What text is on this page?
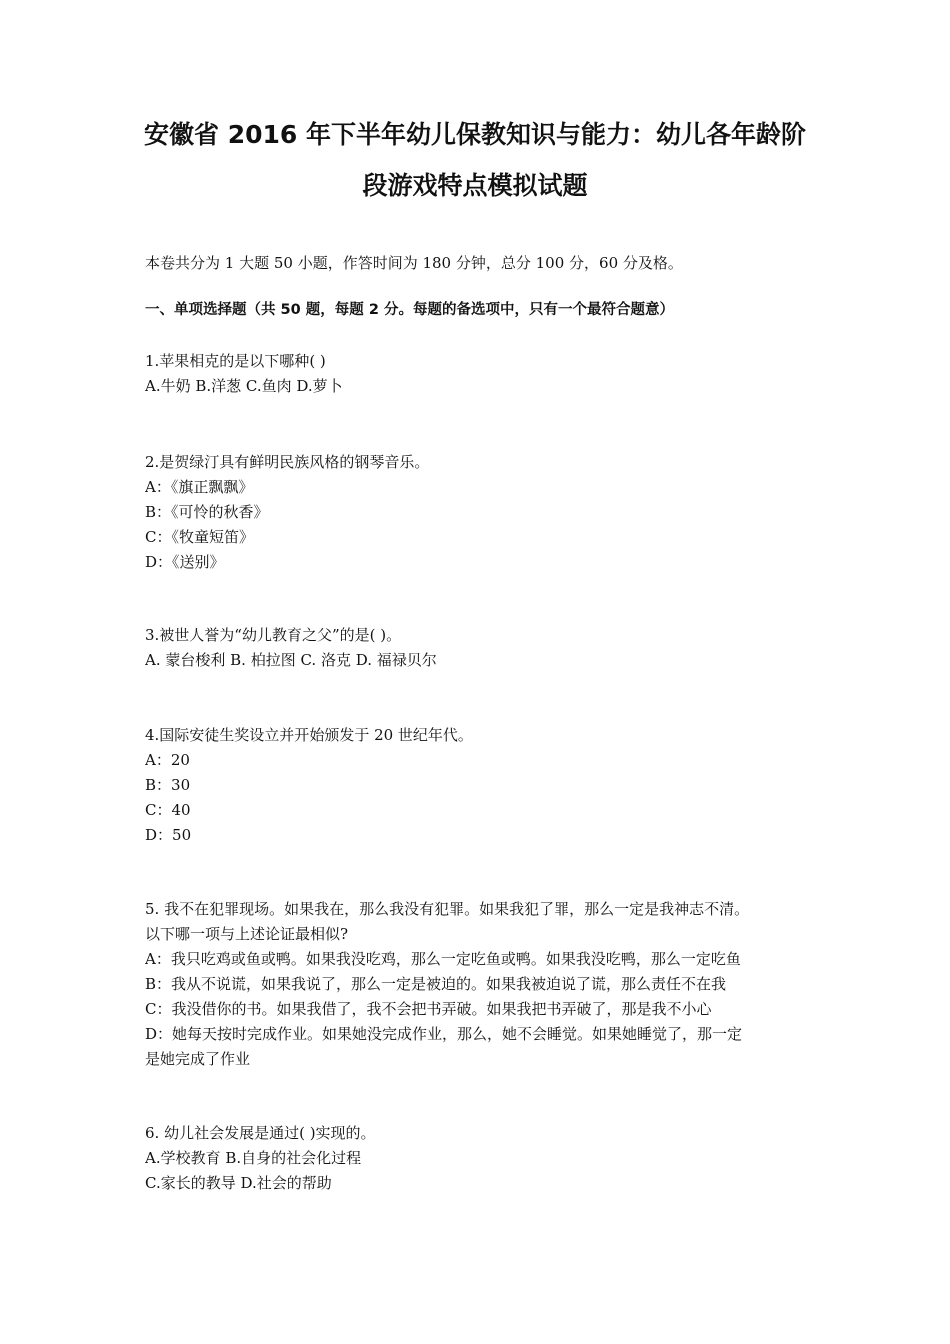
安徽省 2016 年下半年幼儿保教知识与能力：幼儿各年龄阶
段游戏特点模拟试题
本卷共分为 1 大题 50 小题，作答时间为 180 分钟，总分 100 分，60 分及格。
一、单项选择题（共 50 题，每题 2 分。每题的备选项中，只有一个最符合题意）
1.苹果相克的是以下哪种( )
A.牛奶 B.洋葱 C.鱼肉 D.萝卜
2.是贺绿汀具有鲜明民族风格的钢琴音乐。
A：《旗正飘飘》
B：《可怜的秋香》
C：《牧童短笛》
D：《送别》
3.被世人誉为“幼儿教育之父”的是( )。
A. 蒙台梭利 B. 柏拉图 C. 洛克 D. 福禄贝尔
4.国际安徒生奖设立并开始颁发于 20 世纪年代。
A：20
B：30
C：40
D：50
5. 我不在犯罪现场。如果我在，那么我没有犯罪。如果我犯了罪，那么一定是我神志不清。
以下哪一项与上述论证最相似?
A：我只吃鸡或鱼或鸭。如果我没吃鸡，那么一定吃鱼或鸭。如果我没吃鸭，那么一定吃鱼
B：我从不说谎，如果我说了，那么一定是被迫的。如果我被迫说了谎，那么责任不在我
C：我没借你的书。如果我借了，我不会把书弄破。如果我把书弄破了，那是我不小心
D：她每天按时完成作业。如果她没完成作业，那么，她不会睡觉。如果她睡觉了，那一定
是她完成了作业
6. 幼儿社会发展是通过( )实现的。
A.学校教育 B.自身的社会化过程
C.家长的教导 D.社会的帮助
